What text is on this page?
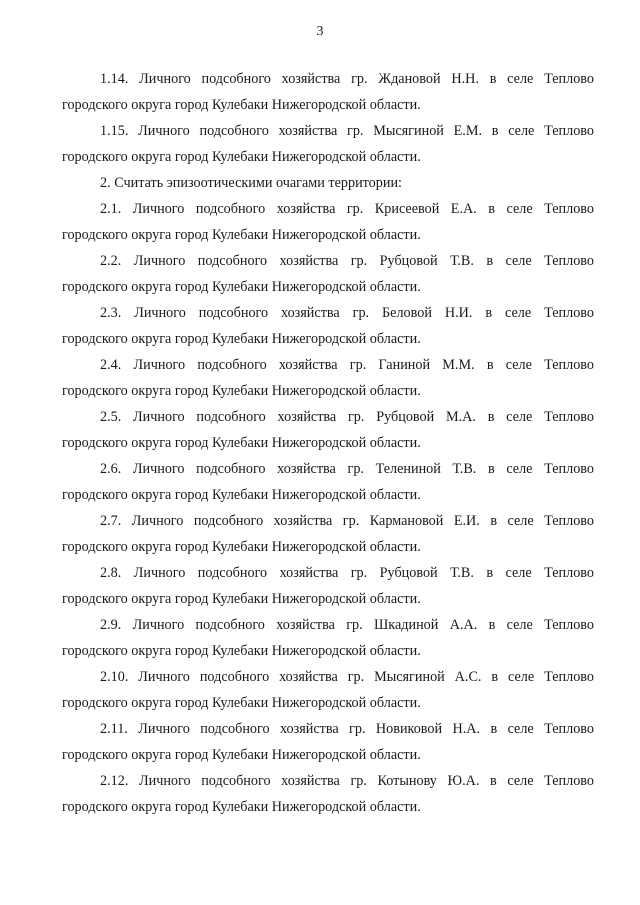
3

1.14. Личного подсобного хозяйства гр. Ждановой Н.Н. в селе Теплово
городского округа город Кулебаки Нижегородской области.

1.15. Личного подсобного хозяйства гр. Мысягиной Е.М. в селе Теплово
городского округа город Кулебаки Нижегородской области.

2. Считать эпизоотическими очагами территории:

2.1. Личного подсобного хозяйства гр. Крисеевой Е.А. в селе Теплово
городского округа город Кулебаки Нижегородской области.

2.2. Личного подсобного хозяйства гр. Рубцовой Т.В. в селе Теплово
городского округа город Кулебаки Нижегородской области.

2.3. Личного подсобного хозяйства гр. Беловой Н.И. в селе Теплово
городского округа город Кулебаки Нижегородской области.

2.4. Личного подсобного хозяйства гр. Ганиной М.М. в селе Теплово
городского округа город Кулебаки Нижегородской области.

2.5. Личного подсобного хозяйства гр. Рубцовой М.А. в селе Теплово
городского округа город Кулебаки Нижегородской области.

2.6. Личного подсобного хозяйства гр. Телениной Т.В. в селе Теплово
городского округа город Кулебаки Нижегородской области.

2.7. Личного подсобного хозяйства гр. Кармановой Е.И. в селе Теплово
городского округа город Кулебаки Нижегородской области.

2.8. Личного подсобного хозяйства гр. Рубцовой Т.В. в селе Теплово
городского округа город Кулебаки Нижегородской области.

2.9. Личного подсобного хозяйства гр. Шкадиной А.А. в селе Теплово
городского округа город Кулебаки Нижегородской области.

2.10. Личного подсобного хозяйства гр. Мысягиной А.С. в селе Теплово
городского округа город Кулебаки Нижегородской области.

2.11. Личного подсобного хозяйства гр. Новиковой Н.А. в селе Теплово
городского округа город Кулебаки Нижегородской области.

2.12. Личного подсобного хозяйства гр. Котынову Ю.А. в селе Теплово
городского округа город Кулебаки Нижегородской области.
